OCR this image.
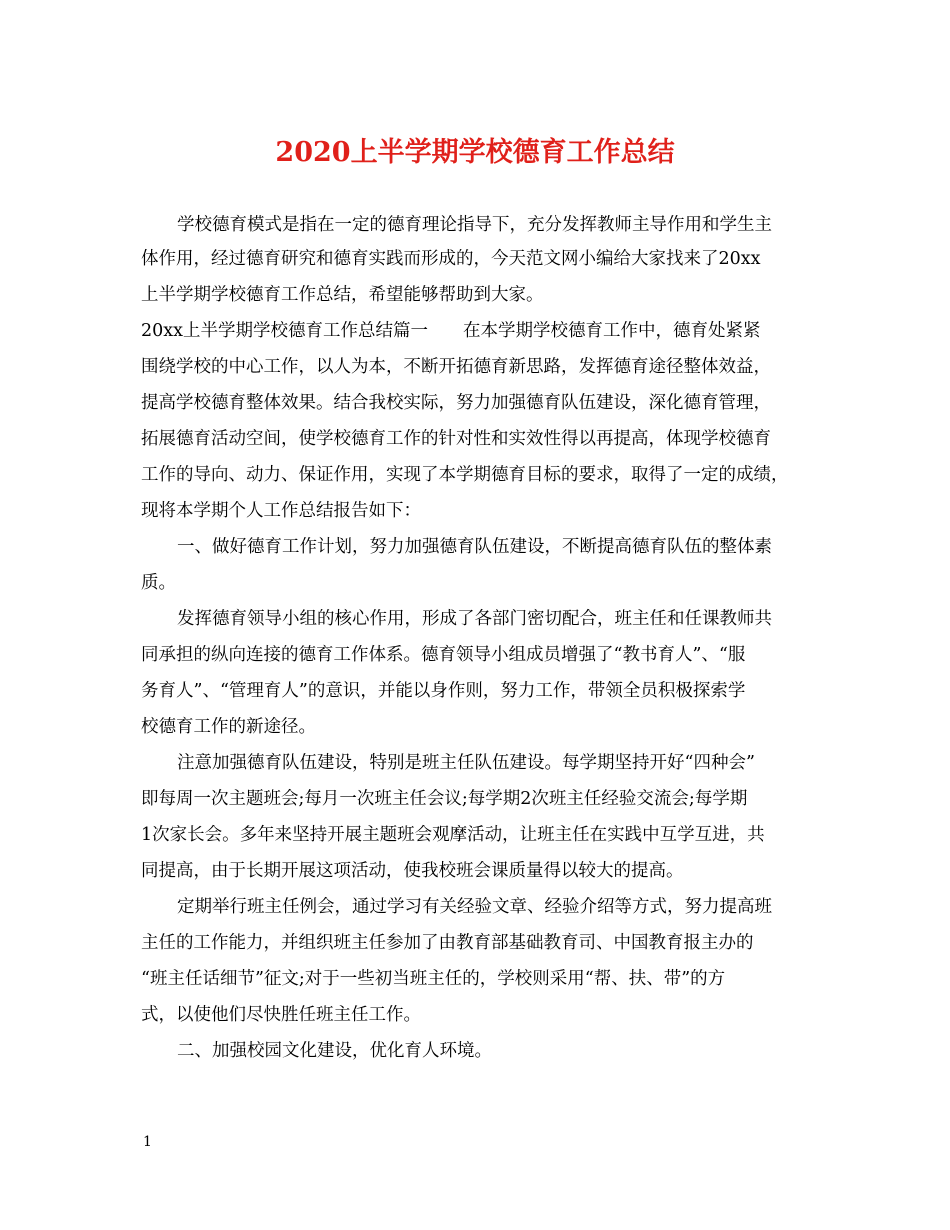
2020上半学期学校德育工作总结
学校德育模式是指在一定的德育理论指导下，充分发挥教师主导作用和学生主
体作用，经过德育研究和德育实践而形成的，今天范文网小编给大家找来了20xx
上半学期学校德育工作总结，希望能够帮助到大家。
20xx上半学期学校德育工作总结篇一　　在本学期学校德育工作中，德育处紧紧
围绕学校的中心工作，以人为本，不断开拓德育新思路，发挥德育途径整体效益，
提高学校德育整体效果。结合我校实际，努力加强德育队伍建设，深化德育管理，
拓展德育活动空间，使学校德育工作的针对性和实效性得以再提高，体现学校德育
工作的导向、动力、保证作用，实现了本学期德育目标的要求，取得了一定的成绩，
现将本学期个人工作总结报告如下：
一、做好德育工作计划，努力加强德育队伍建设，不断提高德育队伍的整体素
质。
发挥德育领导小组的核心作用，形成了各部门密切配合，班主任和任课教师共
同承担的纵向连接的德育工作体系。德育领导小组成员增强了“教书育人”、“服
务育人”、“管理育人”的意识，并能以身作则，努力工作，带领全员积极探索学
校德育工作的新途径。
注意加强德育队伍建设，特别是班主任队伍建设。每学期坚持开好“四种会”
即每周一次主题班会;每月一次班主任会议;每学期2次班主任经验交流会;每学期
1次家长会。多年来坚持开展主题班会观摩活动，让班主任在实践中互学互进，共
同提高，由于长期开展这项活动，使我校班会课质量得以较大的提高。
定期举行班主任例会，通过学习有关经验文章、经验介绍等方式，努力提高班
主任的工作能力，并组织班主任参加了由教育部基础教育司、中国教育报主办的
“班主任话细节”征文;对于一些初当班主任的，学校则采用“帮、扶、带”的方
式，以使他们尽快胜任班主任工作。
二、加强校园文化建设，优化育人环境。
1
